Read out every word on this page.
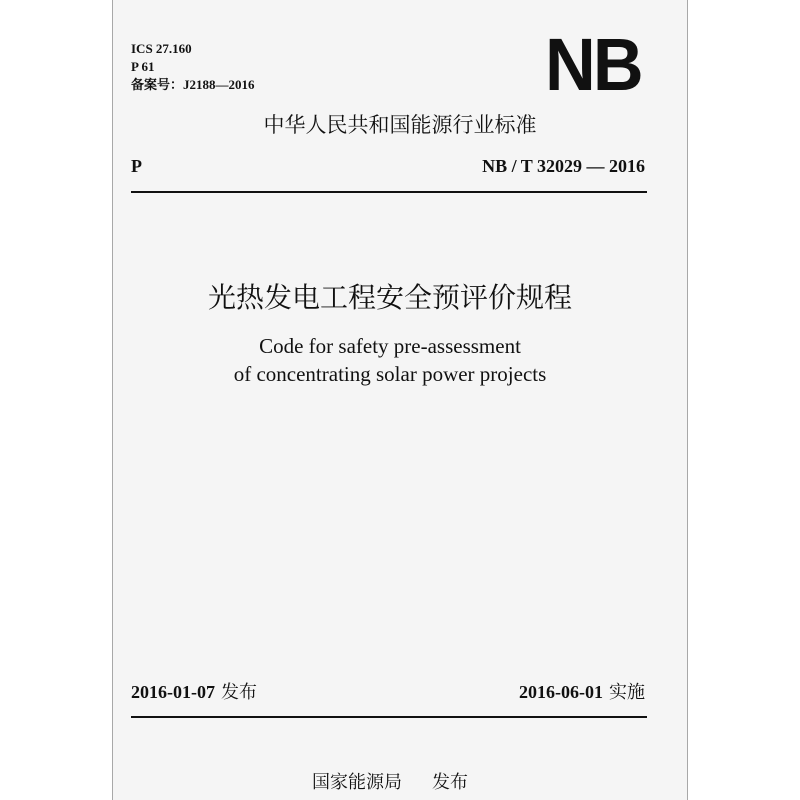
ICS 27.160
P 61
备案号：J2188—2016	NB
中华人民共和国能源行业标准
P	NB / T 32029 — 2016
光热发电工程安全预评价规程
Code for safety pre-assessment
of concentrating solar power projects
2016-01-07 发布	2016-06-01 实施
国家能源局 发布
